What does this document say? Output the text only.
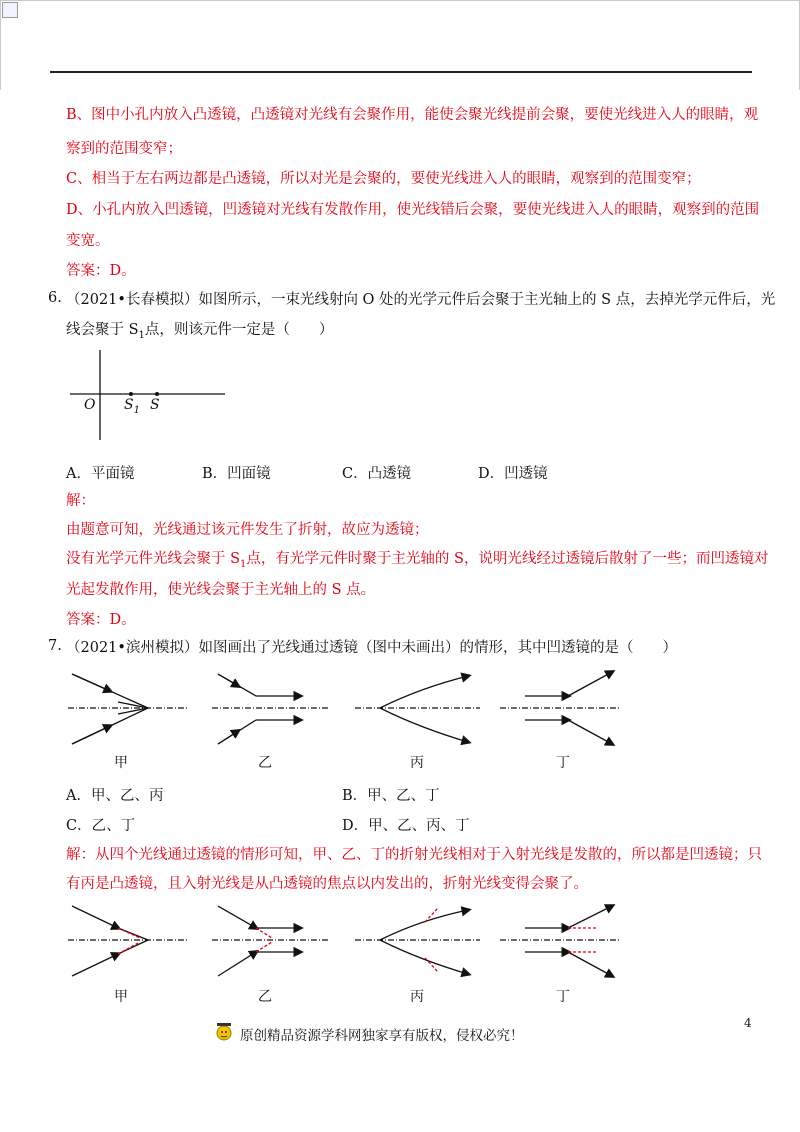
B、图中小孔内放入凸透镜，凸透镜对光线有会聚作用，能使会聚光线提前会聚，要使光线进入人的眼睛，观
察到的范围变窄；
C、相当于左右两边都是凸透镜，所以对光是会聚的，要使光线进入人的眼睛，观察到的范围变窄；
D、小孔内放入凹透镜，凹透镜对光线有发散作用，使光线错后会聚，要使光线进入人的眼睛，观察到的范围
变宽。
答案：D。
6. （2021•长春模拟）如图所示，一束光线射向 O 处的光学元件后会聚于主光轴上的 S 点，去掉光学元件后，光
线会聚于 $S_1$点，则该元件一定是（　　）
O $S_1$ S
A．平面镜	B．凹面镜	C．凸透镜	D．凹透镜
解：
由题意可知，光线通过该元件发生了折射，故应为透镜；
没有光学元件光线会聚于 $S_1$点，有光学元件时聚于主光轴的 S，说明光线经过透镜后散射了一些；而凹透镜对
光起发散作用，使光线会聚于主光轴上的 S 点。
答案：D。
7. （2021•滨州模拟）如图画出了光线通过透镜（图中未画出）的情形，其中凹透镜的是（　　）
甲	乙	丙	丁
A．甲、乙、丙	B．甲、乙、丁
C．乙、丁	D．甲、乙、丙、丁
解：从四个光线通过透镜的情形可知，甲、乙、丁的折射光线相对于入射光线是发散的，所以都是凹透镜；只
有丙是凸透镜，且入射光线是从凸透镜的焦点以内发出的，折射光线变得会聚了。
甲	乙	丙	丁
原创精品资源学科网独家享有版权，侵权必究！
4
